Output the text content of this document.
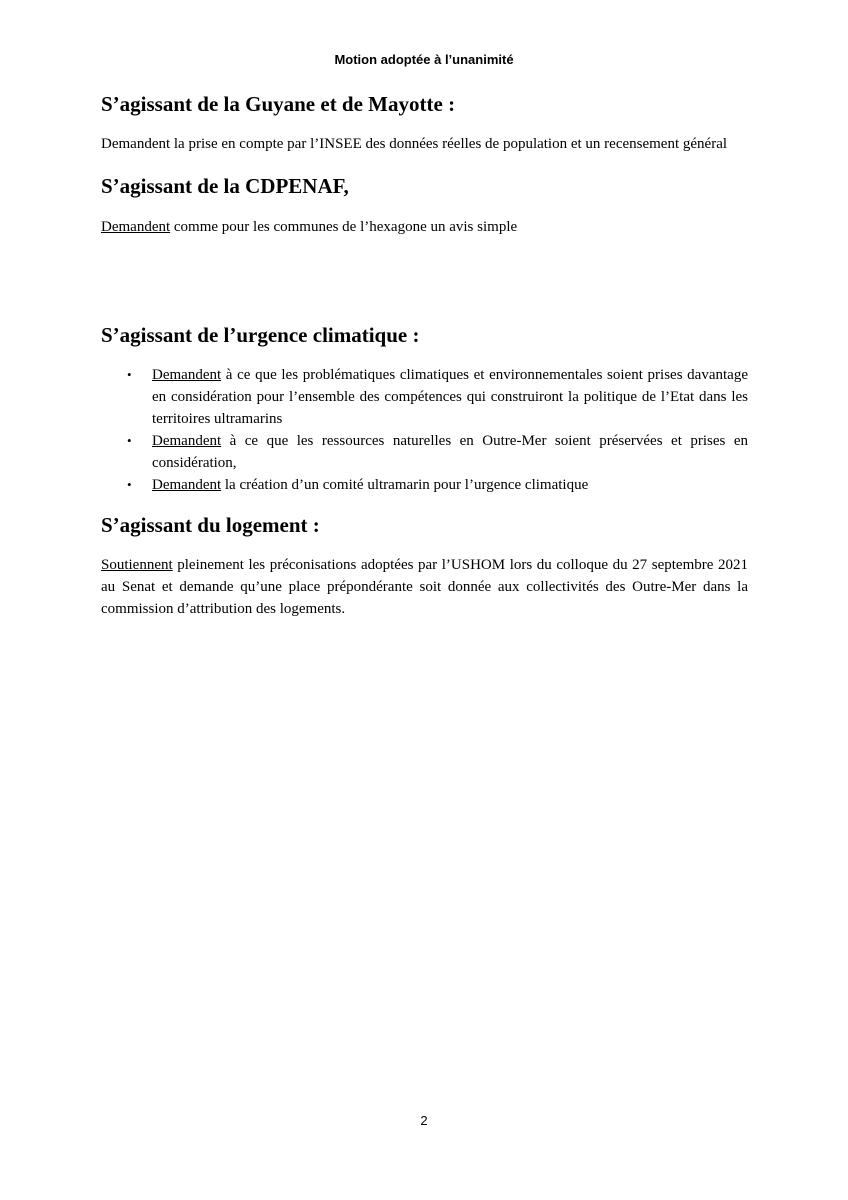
Motion adoptée à l’unanimité
S’agissant de la Guyane et de Mayotte :

Demandent la prise en compte par l’INSEE des données réelles de population et un recensement général

S’agissant de la CDPENAF,

Demandent comme pour les communes de l’hexagone un avis simple

S’agissant de l’urgence climatique :
• Demandent à ce que les problématiques climatiques et environnementales soient prises davantage en considération pour l’ensemble des compétences qui construiront la politique de l’Etat dans les territoires ultramarins
• Demandent à ce que les ressources naturelles en Outre-Mer soient préservées et prises en considération,
• Demandent la création d’un comité ultramarin pour l’urgence climatique
S’agissant du logement :

Soutiennent pleinement les préconisations adoptées par l’USHOM lors du colloque du 27 septembre 2021 au Senat et demande qu’une place prépondérante soit donnée aux collectivités des Outre-Mer dans la commission d’attribution des logements.

2
